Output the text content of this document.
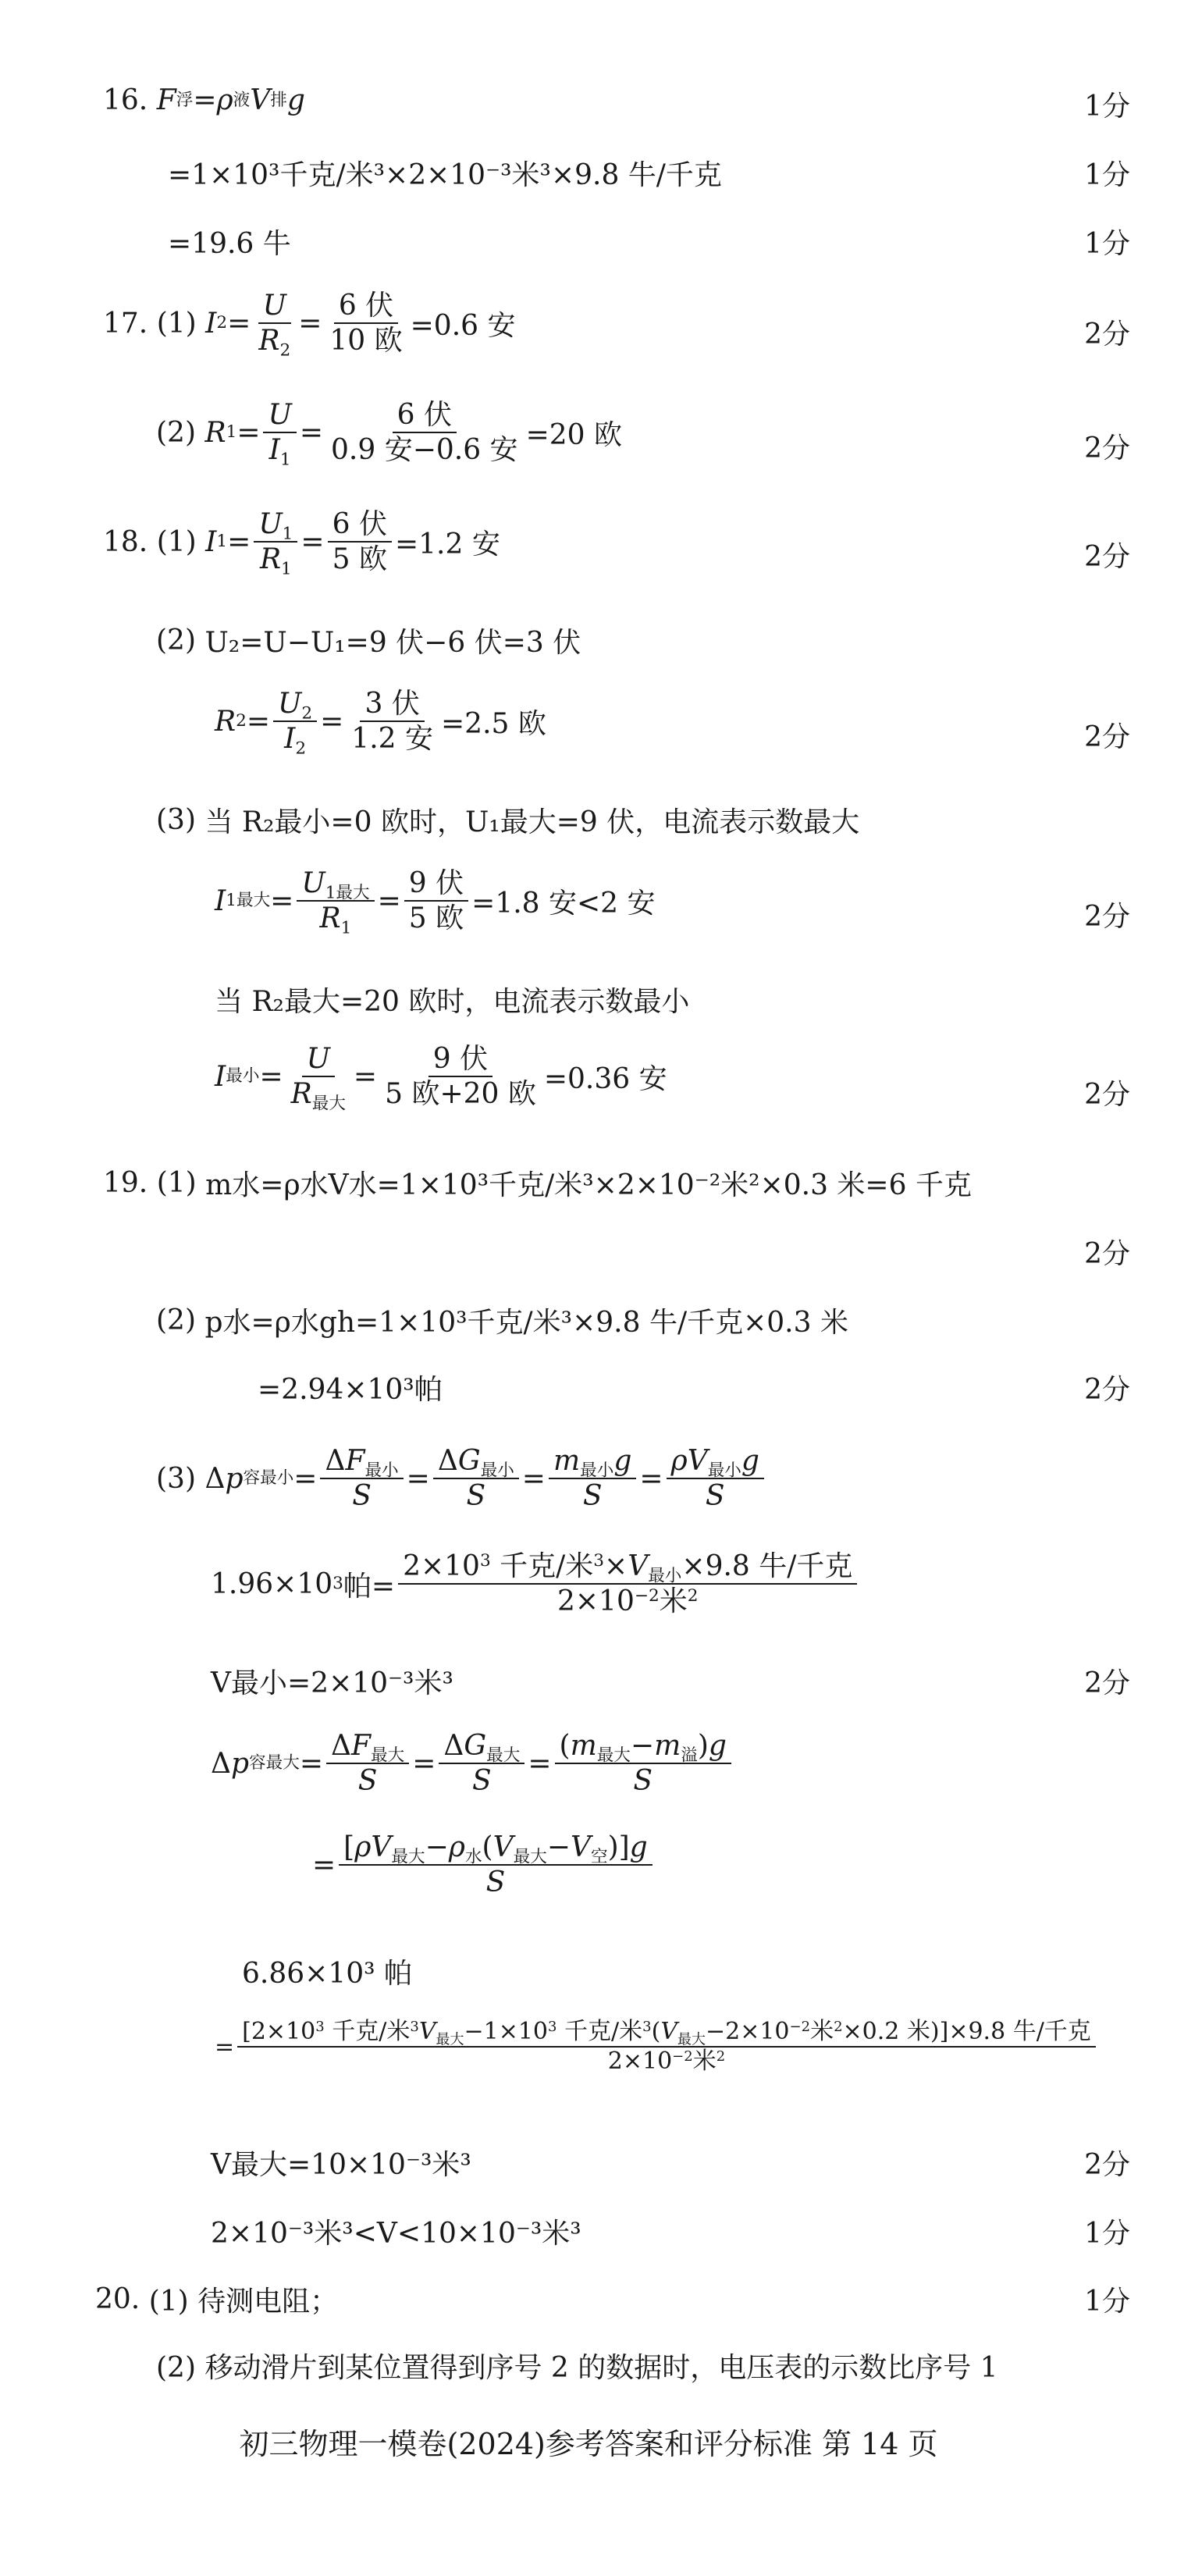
16.
F 浮 = ρ 液 V 排 g	1分
=1×10³千克/米³×2×10⁻³米³×9.8 牛/千克	1分
=19.6 牛	1分
17.
(1)
I $2 = \frac{U}{R_2} = \frac{\text{6 伏}}{\text{10 欧}} =0.6$ 安	2分
(2)
R $1 = \frac{U}{I_1} = \frac{\text{6 伏}}{\text{0.9 安−0.6 安}} =20$ 欧	2分
18.
(1)
I $1 = \frac{U_1}{R_1} = \frac{\text{6 伏}}{\text{5 欧}} =1.2$ 安	2分
(2)
U₂=U−U₁=9 伏−6 伏=3 伏
R $2 = \frac{U_2}{I_2} = \frac{\text{3 伏}}{\text{1.2 安}} =2.5$ 欧	2分
(3)
当 R₂最小=0 欧时，U₁最大=9 伏，电流表示数最大
I 1最大 = $\frac{U_{1最大}}{R_1} = \frac{\text{9 伏}}{\text{5 欧}} =1.8$ 安<2 安	2分
当 R₂最大=20 欧时，电流表示数最小
I 最小 = $\frac{U}{R_{最大}} = \frac{\text{9 伏}}{\text{5 欧+20 欧}} =0.36$ 安	2分
19.
(1)
m水=ρ水V水=1×10³千克/米³×2×10⁻²米²×0.3 米=6 千克
2分
(2)
p水=ρ水gh=1×10³千克/米³×9.8 牛/千克×0.3 米
=2.94×10³帕	2分
(3) Δ p 容最小 = $\frac{\Delta F_{最小}}{S} = \frac{\Delta G_{最小}}{S} = \frac{m_{最小}g}{S} = \frac{\rho V_{最小}g}{S}$
1.96×10 3 帕= $\frac{2\times 10^3 千克/米^3\times V_{最小}\times 9.8 牛/千克}{2\times 10^{-2}米^2}$
V最小=2×10⁻³米³	2分
Δ p 容最大 = $\frac{\Delta F_{最大}}{S} = \frac{\Delta G_{最大}}{S} = \frac{(m_{最大}-m_溢)g}{S}$
= $\frac{[\rho V_{最大}-\rho_水(V_{最大}-V_空)]g}{S}$
6.86×10³ 帕
= $\frac{[2\times 10^3 千克/米^3V_{最大}-1\times 10^3 千克/米^3(V_{最大}-2\times 10^{-2}米^2\times 0.2 米)]\times 9.8 牛/千克}{2\times 10^{-2}米^2}$
V最大=10×10⁻³米³	2分
2×10⁻³米³<V<10×10⁻³米³	1分
20.
(1) 待测电阻；	1分
(2) 移动滑片到某位置得到序号 2 的数据时，电压表的示数比序号 1
初三物理一模卷(2024)参考答案和评分标准 第 14 页
